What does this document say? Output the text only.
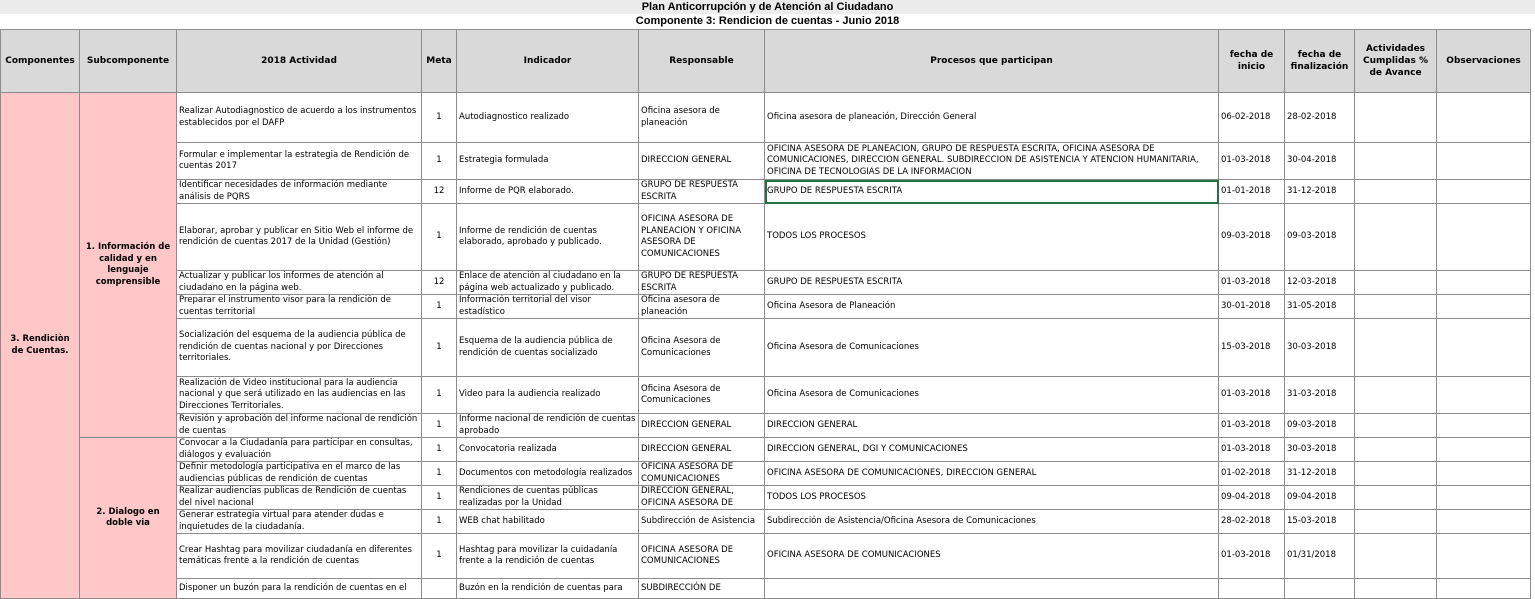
Plan Anticorrupción y de Atención al Ciudadano
Componente 3: Rendicion de cuentas - Junio 2018
Componentes	Subcomponente	2018 Actividad	Meta	Indicador	Responsable	Procesos que participan	fecha de inicio	fecha de finalización	Actividades Cumplidas % de Avance	Observaciones
3. Rendiciòn de Cuentas.	1. Información de calidad y en lenguaje comprensible	Realizar Autodiagnostico de acuerdo a los instrumentos establecidos por el DAFP	1	Autodiagnostico realizado	Oficina asesora de planeación	Oficina asesora de planeación, Dirección General	06-02-2018	28-02-2018		
		Formular e implementar la estrategia de Rendición de cuentas 2017	1	Estrategia formulada	DIRECCION GENERAL	OFICINA ASESORA DE PLANEACION, GRUPO DE RESPUESTA ESCRITA, OFICINA ASESORA DE COMUNICACIONES, DIRECCION GENERAL. SUBDIRECCION DE ASISTENCIA Y ATENCION HUMANITARIA, OFICINA DE TECNOLOGIAS DE LA INFORMACION	01-03-2018	30-04-2018		
		Identificar necesidades de información mediante análisis de PQRS	12	Informe de PQR elaborado.	GRUPO DE RESPUESTA ESCRITA	GRUPO DE RESPUESTA ESCRITA	01-01-2018	31-12-2018		
		Elaborar, aprobar y publicar en Sitio Web el informe de rendición de cuentas 2017 de la Unidad (Gestión)	1	Informe de rendición de cuentas elaborado, aprobado y publicado.	OFICINA ASESORA DE PLANEACION Y OFICINA ASESORA DE COMUNICACIONES	TODOS LOS PROCESOS	09-03-2018	09-03-2018		
		Actualizar y publicar los informes de atención al ciudadano en la página web.	12	Enlace de atención al ciudadano en la página web actualizado y publicado.	GRUPO DE RESPUESTA ESCRITA	GRUPO DE RESPUESTA ESCRITA	01-03-2018	12-03-2018		
		Preparar el instrumento visor para la rendición de cuentas territorial	1	Información territorial del visor estadístico	Oficina asesora de planeación	Oficina Asesora de Planeación	30-01-2018	31-05-2018		
		Socialización del esquema de la audiencia pública de rendición de cuentas nacional y por Direcciones territoriales.	1	Esquema de la audiencia pública de rendición de cuentas socializado	Oficina Asesora de Comunicaciones	Oficina Asesora de Comunicaciones	15-03-2018	30-03-2018		
		Realización de Video institucional para la audiencia nacional y que será utilizado en las audiencias en las Direcciones Territoriales.	1	Video para la audiencia realizado	Oficina Asesora de Comunicaciones	Oficina Asesora de Comunicaciones	01-03-2018	31-03-2018		
		Revisión y aprobación del informe nacional de rendición de cuentas	1	Informe nacional de rendición de cuentas aprobado	DIRECCION GENERAL	DIRECCION GENERAL	01-03-2018	09-03-2018		
	2. Dialogo en doble via	Convocar a la Ciudadanía para participar en consultas, diálogos y evaluación	1	Convocatoria realizada	DIRECCION GENERAL	DIRECCION GENERAL, DGI Y COMUNICACIONES	01-03-2018	30-03-2018		
		Definir metodología participativa en el marco de las audiencias públicas de rendición de cuentas	1	Documentos con metodología realizados	OFICINA ASESORA DE COMUNICACIONES	OFICINA ASESORA DE COMUNICACIONES, DIRECCION GENERAL	01-02-2018	31-12-2018		
		Realizar audiencias publicas de Rendición de cuentas del nivel nacional	1	Rendiciones de cuentas públicas realizadas por la Unidad	DIRECCION GENERAL, OFICINA ASESORA DE	TODOS LOS PROCESOS	09-04-2018	09-04-2018		
		Generar estrategia virtual para atender dudas e inquietudes de la ciudadanía.	1	WEB chat habilitado	Subdirección de Asistencia	Subdirección de Asistencia/Oficina Asesora de Comunicaciones	28-02-2018	15-03-2018		
		Crear Hashtag para movilizar ciudadanía en diferentes temáticas frente a la rendición de cuentas	1	Hashtag para movilizar la cuidadanía frente a la rendición de cuentas	OFICINA ASESORA DE COMUNICACIONES	OFICINA ASESORA DE COMUNICACIONES	01-03-2018	01/31/2018		
		Disponer un buzón para la rendición de cuentas en el		Buzón en la rendición de cuentas para	SUBDIRECCIÓN DE					
